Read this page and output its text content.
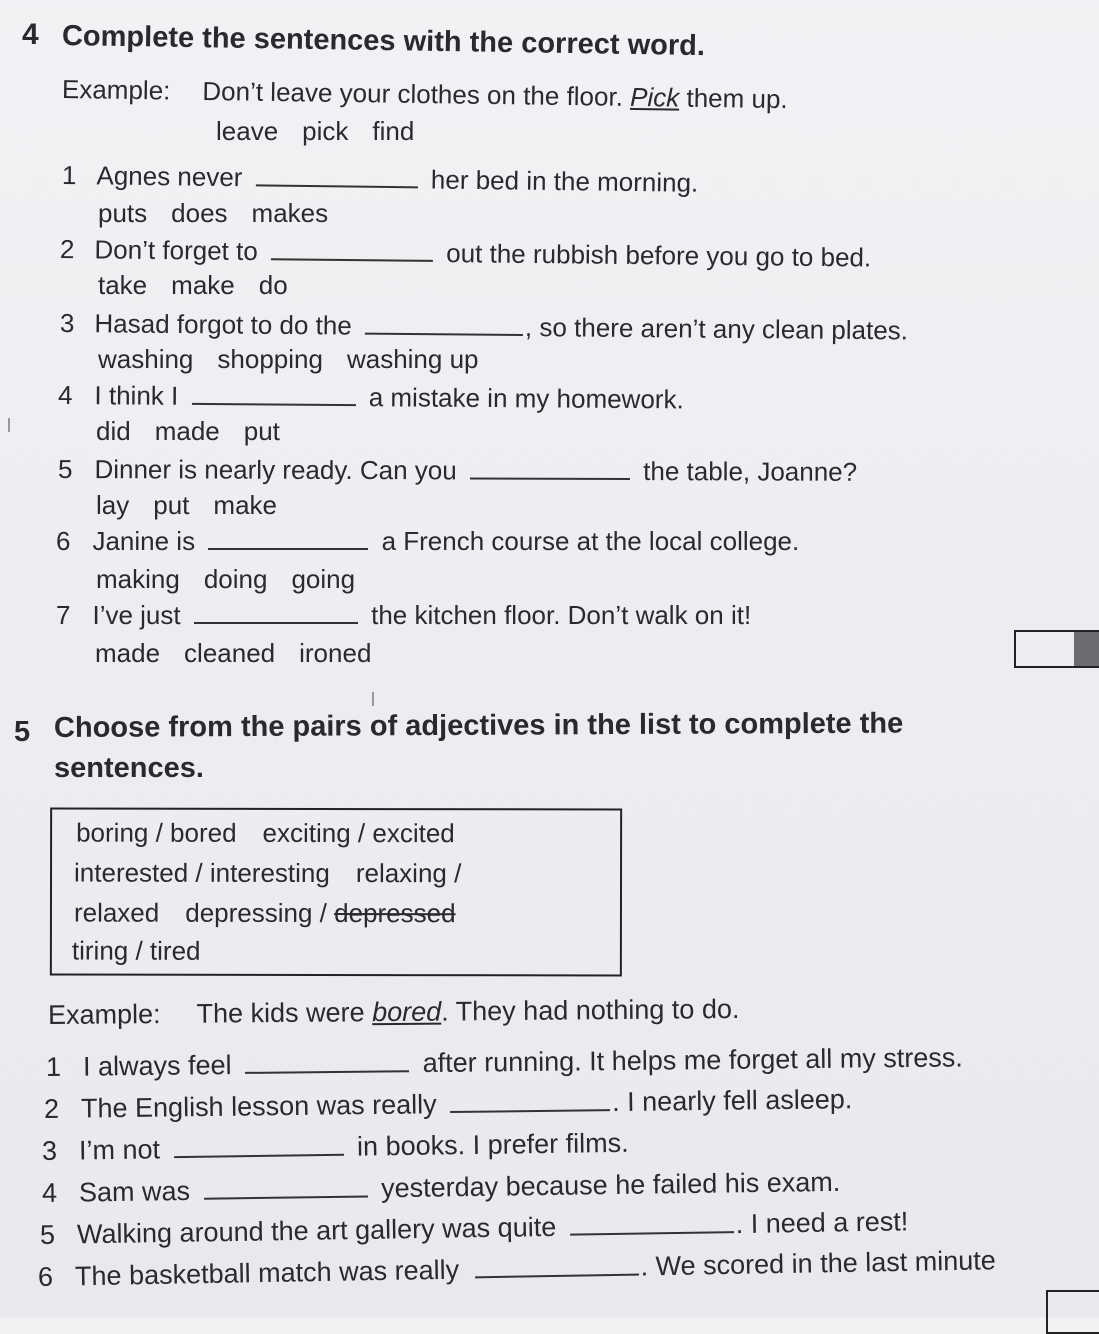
4 Complete the sentences with the correct word.
Example: Don’t leave your clothes on the floor. Pick them up.
leave pick find
1 Agnes never	her bed in the morning.
puts does makes
2 Don’t forget to	out the rubbish before you go to bed.
take make do
3 Hasad forgot to do the	, so there aren’t any clean plates.
washing shopping washing up
4 I think I	a mistake in my homework.
did made put
5 Dinner is nearly ready. Can you	the table, Joanne?
lay put make
6 Janine is	a French course at the local college.
making doing going
7 I’ve just	the kitchen floor. Don’t walk on it!
made cleaned ironed
5 Choose from the pairs of adjectives in the list to complete the
sentences.
boring / bored exciting / excited
interested / interesting relaxing /
relaxed depressing / depressed
tiring / tired
Example: The kids were bored. They had nothing to do.
1 I always feel	after running. It helps me forget all my stress.
2 The English lesson was really	. I nearly fell asleep.
3 I’m not	in books. I prefer films.
4 Sam was	yesterday because he failed his exam.
5 Walking around the art gallery was quite	. I need a rest!
6 The basketball match was really	. We scored in the last minute
